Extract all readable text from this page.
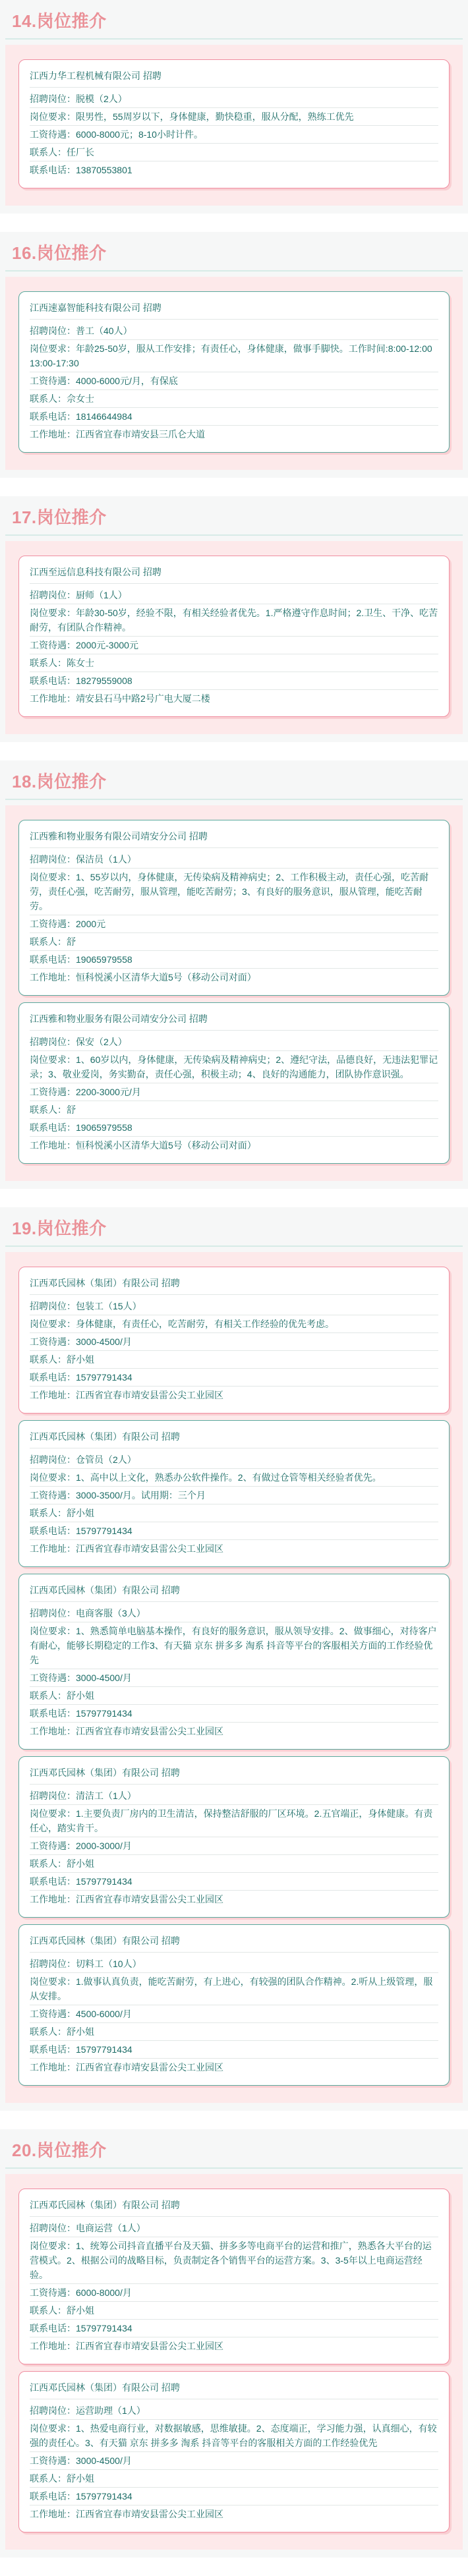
14.岗位推介
江西力华工程机械有限公司 招聘
招聘岗位：脱模（2人）
岗位要求：限男性，55周岁以下，身体健康，勤快稳重，服从分配，熟练工优先
工资待遇：6000-8000元；8-10小时计件。
联系人：任厂长
联系电话：13870553801
16.岗位推介
江西速嘉智能科技有限公司 招聘
招聘岗位：普工（40人）
岗位要求：年龄25-50岁，服从工作安排；有责任心，身体健康，做事手脚快。工作时间:8:00-12:00 13:00-17:30
工资待遇：4000-6000元/月，有保底
联系人：佘女士
联系电话：18146644984
工作地址：江西省宜春市靖安县三爪仑大道
17.岗位推介
江西至远信息科技有限公司 招聘
招聘岗位：厨师（1人）
岗位要求：年龄30-50岁，经验不限，有相关经验者优先。1.严格遵守作息时间；2.卫生、干净、吃苦耐劳，有团队合作精神。
工资待遇：2000元-3000元
联系人：陈女士
联系电话：18279559008
工作地址：靖安县石马中路2号广电大厦二楼
18.岗位推介
江西雅和物业服务有限公司靖安分公司 招聘
招聘岗位：保洁员（1人）
岗位要求：1、55岁以内，身体健康，无传染病及精神病史；2、工作积极主动，责任心强，吃苦耐劳，责任心强，吃苦耐劳，服从管理，能吃苦耐劳；3、有良好的服务意识，服从管理，能吃苦耐劳。
工资待遇：2000元
联系人：舒
联系电话：19065979558
工作地址：恒科悦溪小区清华大道5号（移动公司对面）
江西雅和物业服务有限公司靖安分公司 招聘
招聘岗位：保安（2人）
岗位要求：1、60岁以内，身体健康，无传染病及精神病史；2、遵纪守法，品德良好，无违法犯罪记录；3、敬业爱岗，务实勤奋，责任心强，积极主动；4、良好的沟通能力，团队协作意识强。
工资待遇：2200-3000元/月
联系人：舒
联系电话：19065979558
工作地址：恒科悦溪小区清华大道5号（移动公司对面）
19.岗位推介
江西邓氏园林（集团）有限公司 招聘
招聘岗位：包装工（15人）
岗位要求：身体健康，有责任心，吃苦耐劳，有相关工作经验的优先考虑。
工资待遇：3000-4500/月
联系人：舒小姐
联系电话：15797791434
工作地址：江西省宜春市靖安县雷公尖工业园区
江西邓氏园林（集团）有限公司 招聘
招聘岗位：仓管员（2人）
岗位要求：1、高中以上文化，熟悉办公软件操作。2、有做过仓管等相关经验者优先。
工资待遇：3000-3500/月。试用期：三个月
联系人：舒小姐
联系电话：15797791434
工作地址：江西省宜春市靖安县雷公尖工业园区
江西邓氏园林（集团）有限公司 招聘
招聘岗位：电商客服（3人）
岗位要求：1、熟悉简单电脑基本操作，有良好的服务意识，服从领导安排。2、做事细心，对待客户有耐心，能够长期稳定的工作3、有天猫 京东 拼多多 淘系 抖音等平台的客服相关方面的工作经验优先
工资待遇：3000-4500/月
联系人：舒小姐
联系电话：15797791434
工作地址：江西省宜春市靖安县雷公尖工业园区
江西邓氏园林（集团）有限公司 招聘
招聘岗位：清洁工（1人）
岗位要求：1.主要负责厂房内的卫生清洁，保持整洁舒服的厂区环境。2.五官端正，身体健康。有责任心，踏实肯干。
工资待遇：2000-3000/月
联系人：舒小姐
联系电话：15797791434
工作地址：江西省宜春市靖安县雷公尖工业园区
江西邓氏园林（集团）有限公司 招聘
招聘岗位：切料工（10人）
岗位要求：1.做事认真负责，能吃苦耐劳，有上进心，有较强的团队合作精神。2.听从上级管理，服从安排。
工资待遇：4500-6000/月
联系人：舒小姐
联系电话：15797791434
工作地址：江西省宜春市靖安县雷公尖工业园区
20.岗位推介
江西邓氏园林（集团）有限公司 招聘
招聘岗位：电商运营（1人）
岗位要求：1、统筹公司抖音直播平台及天猫、拼多多等电商平台的运营和推广，熟悉各大平台的运营模式。2、根据公司的战略目标，负责制定各个销售平台的运营方案。3、3-5年以上电商运营经验。
工资待遇：6000-8000/月
联系人：舒小姐
联系电话：15797791434
工作地址：江西省宜春市靖安县雷公尖工业园区
江西邓氏园林（集团）有限公司 招聘
招聘岗位：运营助理（1人）
岗位要求：1、热爱电商行业，对数据敏感，思维敏捷。2、态度端正，学习能力强，认真细心，有较强的责任心。3、有天猫 京东 拼多多 淘系 抖音等平台的客服相关方面的工作经验优先
工资待遇：3000-4500/月
联系人：舒小姐
联系电话：15797791434
工作地址：江西省宜春市靖安县雷公尖工业园区
